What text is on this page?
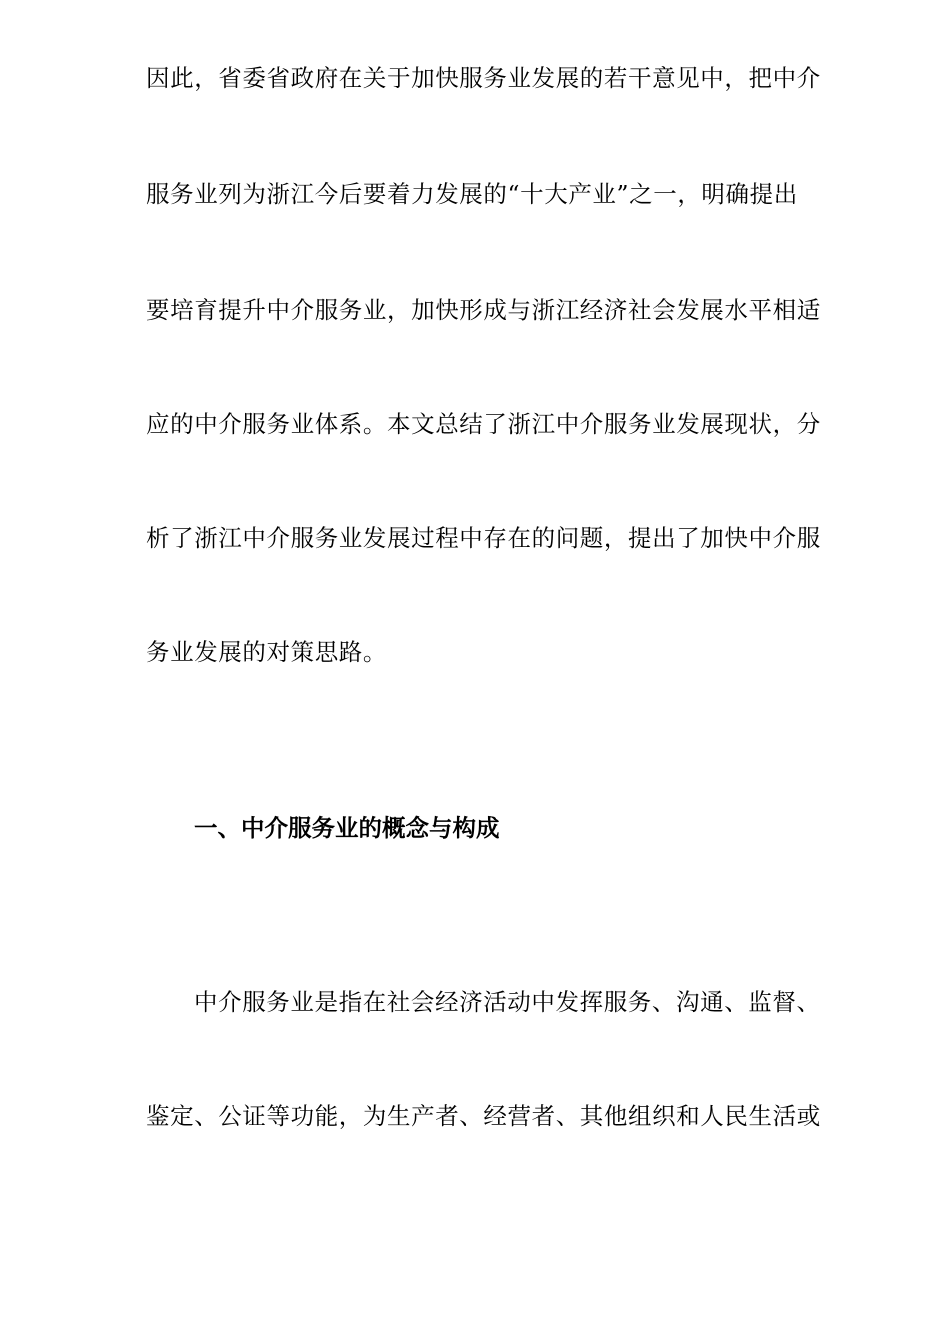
因此，省委省政府在关于加快服务业发展的若干意见中，把中介
服务业列为浙江今后要着力发展的“十大产业”之一，明确提出
要培育提升中介服务业，加快形成与浙江经济社会发展水平相适
应的中介服务业体系。本文总结了浙江中介服务业发展现状，分
析了浙江中介服务业发展过程中存在的问题，提出了加快中介服
务业发展的对策思路。
一、中介服务业的概念与构成
中介服务业是指在社会经济活动中发挥服务、沟通、监督、
鉴定、公证等功能，为生产者、经营者、其他组织和人民生活或
